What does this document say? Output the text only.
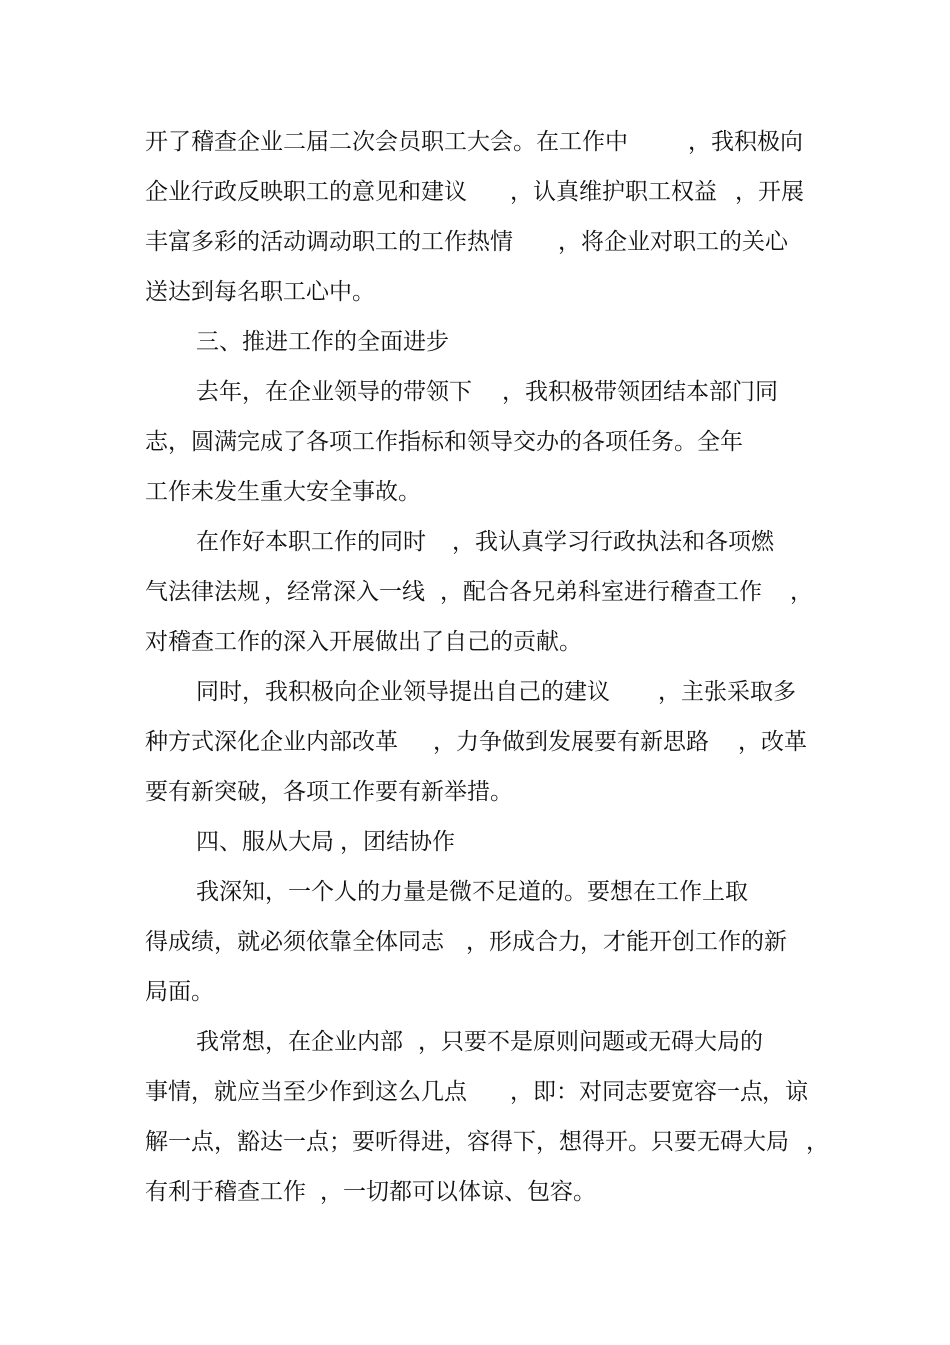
开了稽查企业二届二次会员职工大会。在工作中	，我积极向
企业行政反映职工的意见和建议 ，认真维护职工权益 ，开展
丰富多彩的活动调动职工的工作热情 ，将企业对职工的关心
送达到每名职工心中。
三、推进工作的全面进步
去年，在企业领导的带领下 ，我积极带领团结本部门同
志，圆满完成了各项工作指标和领导交办的各项任务。全年
工作未发生重大安全事故。
在作好本职工作的同时 ，我认真学习行政执法和各项燃
气法律法规 ，经常深入一线 ，配合各兄弟科室进行稽查工作 ，
对稽查工作的深入开展做出了自己的贡献。
同时，我积极向企业领导提出自己的建议 ，主张采取多
种方式深化企业内部改革 ，力争做到发展要有新思路 ，改革
要有新突破 ，各项工作要有新举措。
四、服从大局 ，团结协作
我深知，一个人的力量是微不足道的。要想在工作上取
得成绩，就必须依靠全体同志 ，形成合力 ，才能开创工作的新
局面。
我常想，在企业内部 ，只要不是原则问题或无碍大局的
事情，就应当至少作到这么几点 ，即：对同志要宽容一点 ，谅
解一点，豁达一点；要听得进，容得下，想得开。只要无碍大局 ，
有利于稽查工作 ，一切都可以体谅、包容。
